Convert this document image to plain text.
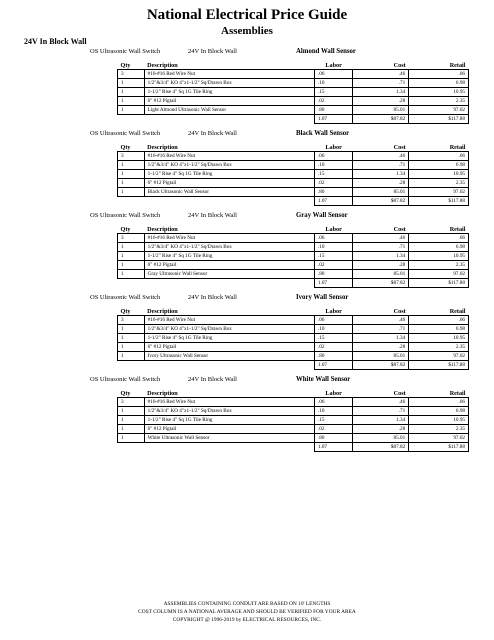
National Electrical Price Guide
Assemblies
24V In Block Wall
OS Ultrasonic Wall Switch	24V In Block Wall	Almond Wall Sensor
Qty	Description	Labor	Cost	Retail
3	#16-#16 Red Wire Nut	.06	.46	.66
1	1/2"&3/4" KO 4"x1-1/2" Sq/Drawn Box	.10	.71	6.98
1	1-1/2" Rise 4" Sq 1G Tile Ring	.15	1.34	10.95
1	6" #12 Pigtail	.02	.28	2.35
1	Light Almond Ultrasonic Wall Sensor	.80	85.01	97.02
		1.07	$87.82	$117.88
OS Ultrasonic Wall Switch	24V In Block Wall	Black Wall Sensor
Qty	Description	Labor	Cost	Retail
3	#16-#16 Red Wire Nut	.06	.46	.66
1	1/2"&3/4" KO 4"x1-1/2" Sq/Drawn Box	.10	.71	6.98
1	1-1/2" Rise 4" Sq 1G Tile Ring	.15	1.34	10.95
1	6" #12 Pigtail	.02	.28	2.35
1	Black Ultrasonic Wall Sensor	.80	85.01	97.02
		1.07	$87.82	$117.88
OS Ultrasonic Wall Switch	24V In Block Wall	Gray Wall Sensor
Qty	Description	Labor	Cost	Retail
3	#16-#16 Red Wire Nut	.06	.46	.66
1	1/2"&3/4" KO 4"x1-1/2" Sq/Drawn Box	.10	.71	6.98
1	1-1/2" Rise 4" Sq 1G Tile Ring	.15	1.34	10.95
1	6" #12 Pigtail	.02	.28	2.35
1	Gray Ultrasonic Wall Sensor	.80	85.01	97.02
		1.07	$87.82	$117.88
OS Ultrasonic Wall Switch	24V In Block Wall	Ivory Wall Sensor
Qty	Description	Labor	Cost	Retail
3	#16-#16 Red Wire Nut	.06	.46	.66
1	1/2"&3/4" KO 4"x1-1/2" Sq/Drawn Box	.10	.71	6.98
1	1-1/2" Rise 4" Sq 1G Tile Ring	.15	1.34	10.95
1	6" #12 Pigtail	.02	.28	2.35
1	Ivory Ultrasonic Wall Sensor	.80	85.01	97.02
		1.07	$87.82	$117.88
OS Ultrasonic Wall Switch	24V In Block Wall	White Wall Sensor
Qty	Description	Labor	Cost	Retail
3	#16-#16 Red Wire Nut	.06	.46	.66
1	1/2"&3/4" KO 4"x1-1/2" Sq/Drawn Box	.10	.71	6.98
1	1-1/2" Rise 4" Sq 1G Tile Ring	.15	1.34	10.95
1	6" #12 Pigtail	.02	.28	2.35
1	White Ultrasonic Wall Sensor	.80	85.01	97.02
		1.07	$87.82	$117.88
ASSEMBLIES CONTAINING CONDUIT ARE BASED ON 10' LENGTHS
COST COLUMN IS A NATIONAL AVERAGE AND SHOULD BE VERIFIED FOR YOUR AREA
COPYRIGHT @ 1996-2019 by ELECTRICAL RESOURCES, INC.
